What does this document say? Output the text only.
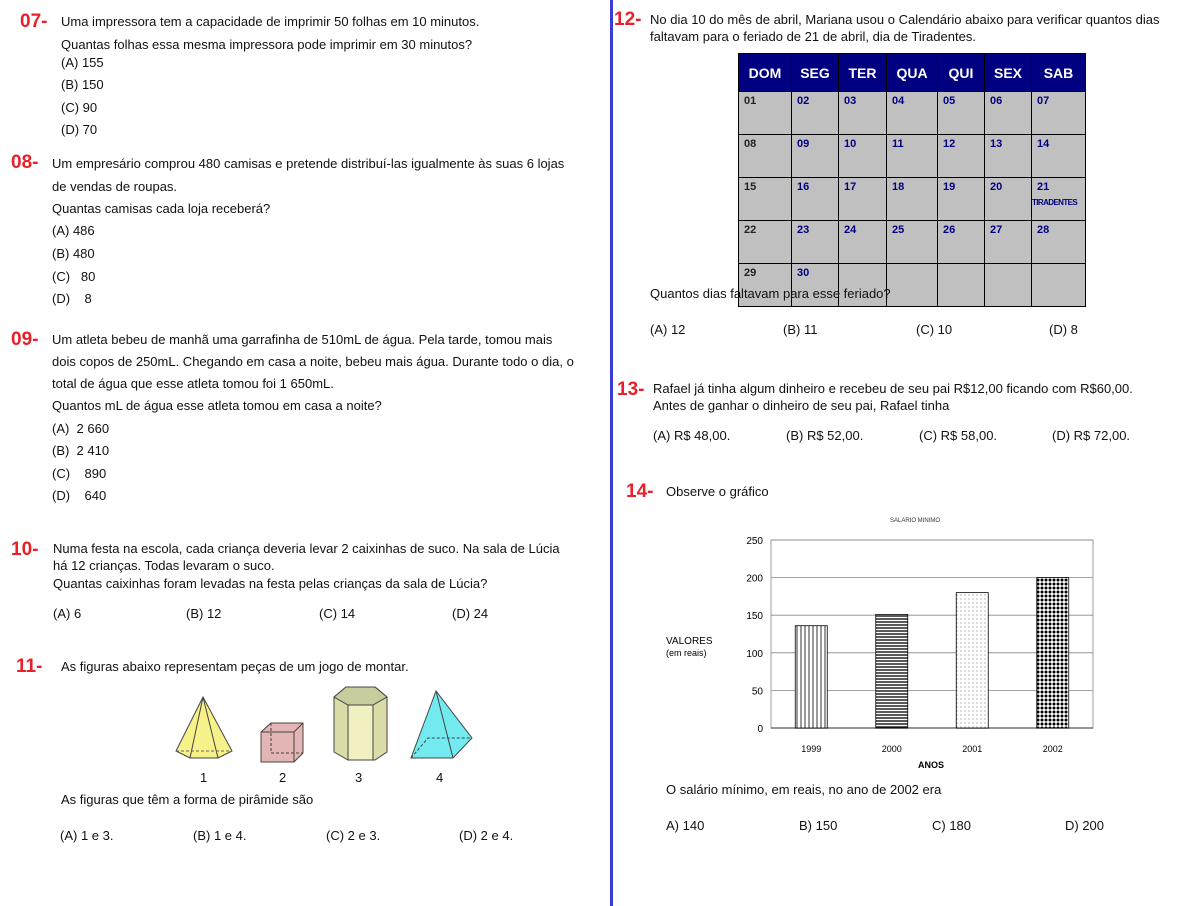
07- Uma impressora tem a capacidade de imprimir 50 folhas em 10 minutos.
Quantas folhas essa mesma impressora pode imprimir em 30 minutos?
(A) 155
(B) 150
(C) 90
(D) 70
08- Um empresário comprou 480 camisas e pretende distribuí-las igualmente às suas 6 lojas
de vendas de roupas.
Quantas camisas cada loja receberá?
(A) 486
(B) 480
(C)   80
(D)    8
09- Um atleta bebeu de manhã uma garrafinha de 510mL de água. Pela tarde, tomou mais
dois copos de 250mL. Chegando em casa a noite, bebeu mais água. Durante todo o dia, o
total de água que esse atleta tomou foi 1 650mL.
Quantos mL de água esse atleta tomou em casa a noite?
(A)  2 660
(B)  2 410
(C)    890
(D)    640
10- Numa festa na escola, cada criança deveria levar 2 caixinhas de suco. Na sala de Lúcia
há 12 crianças. Todas levaram o suco.
Quantas caixinhas foram levadas na festa pelas crianças da sala de Lúcia?
(A) 6	(B) 12	(C) 14	(D) 24
11- As figuras abaixo representam peças de um jogo de montar.
1	2	3	4
As figuras que têm a forma de pirâmide são
(A) 1 e 3.	(B) 1 e 4.	(C) 2 e 3.	(D) 2 e 4.
12- No dia 10 do mês de abril, Mariana usou o Calendário abaixo para verificar quantos dias
faltavam para o feriado de 21 de abril, dia de Tiradentes.
DOM	SEG	TER	QUA	QUI	SEX	SAB
01	02	03	04	05	06	07
08	09	10	11	12	13	14
15	16	17	18	19	20	21
TIRADENTES

22	23	24	25	26	27	28
29	30					
Quantos dias faltavam para esse feriado?
(A) 12	(B) 11	(C) 10	(D) 8
13- Rafael já tinha algum dinheiro e recebeu de seu pai R$12,00 ficando com R$60,00.
Antes de ganhar o dinheiro de seu pai, Rafael tinha
(A) R$ 48,00.	(B) R$ 52,00.	(C) R$ 58,00.	(D) R$ 72,00.
14- Observe o gráfico
SALARIO MINIMO
0
50
100
150
200
250
1999	2000	2001	2002
VALORES
(em reais)
ANOS
O salário mínimo, em reais, no ano de 2002 era
A) 140	B) 150	C) 180	D) 200
